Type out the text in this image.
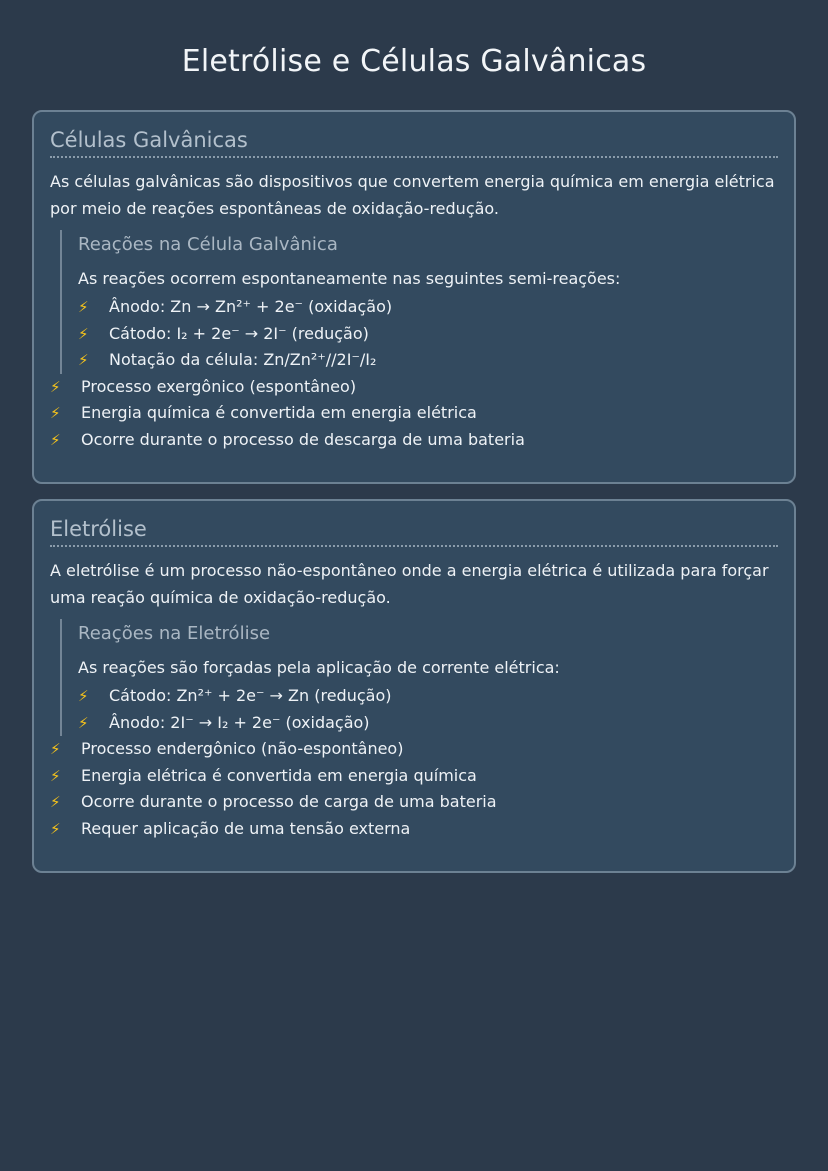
Eletrólise e Células Galvânicas
Células Galvânicas

As células galvânicas são dispositivos que convertem energia química em energia elétrica por meio de reações espontâneas de oxidação-redução.

Reações na Célula Galvânica

As reações ocorrem espontaneamente nas seguintes semi-reações:

⚡	Ânodo: Zn → Zn²⁺ + 2e⁻ (oxidação)
⚡	Cátodo: I₂ + 2e⁻ → 2I⁻ (redução)
⚡	Notação da célula: Zn/Zn²⁺//2I⁻/I₂
⚡	Processo exergônico (espontâneo)
⚡	Energia química é convertida em energia elétrica
⚡	Ocorre durante o processo de descarga de uma bateria
Eletrólise

A eletrólise é um processo não-espontâneo onde a energia elétrica é utilizada para forçar uma reação química de oxidação-redução.

Reações na Eletrólise

As reações são forçadas pela aplicação de corrente elétrica:

⚡	Cátodo: Zn²⁺ + 2e⁻ → Zn (redução)
⚡	Ânodo: 2I⁻ → I₂ + 2e⁻ (oxidação)
⚡	Processo endergônico (não-espontâneo)
⚡	Energia elétrica é convertida em energia química
⚡	Ocorre durante o processo de carga de uma bateria
⚡	Requer aplicação de uma tensão externa
